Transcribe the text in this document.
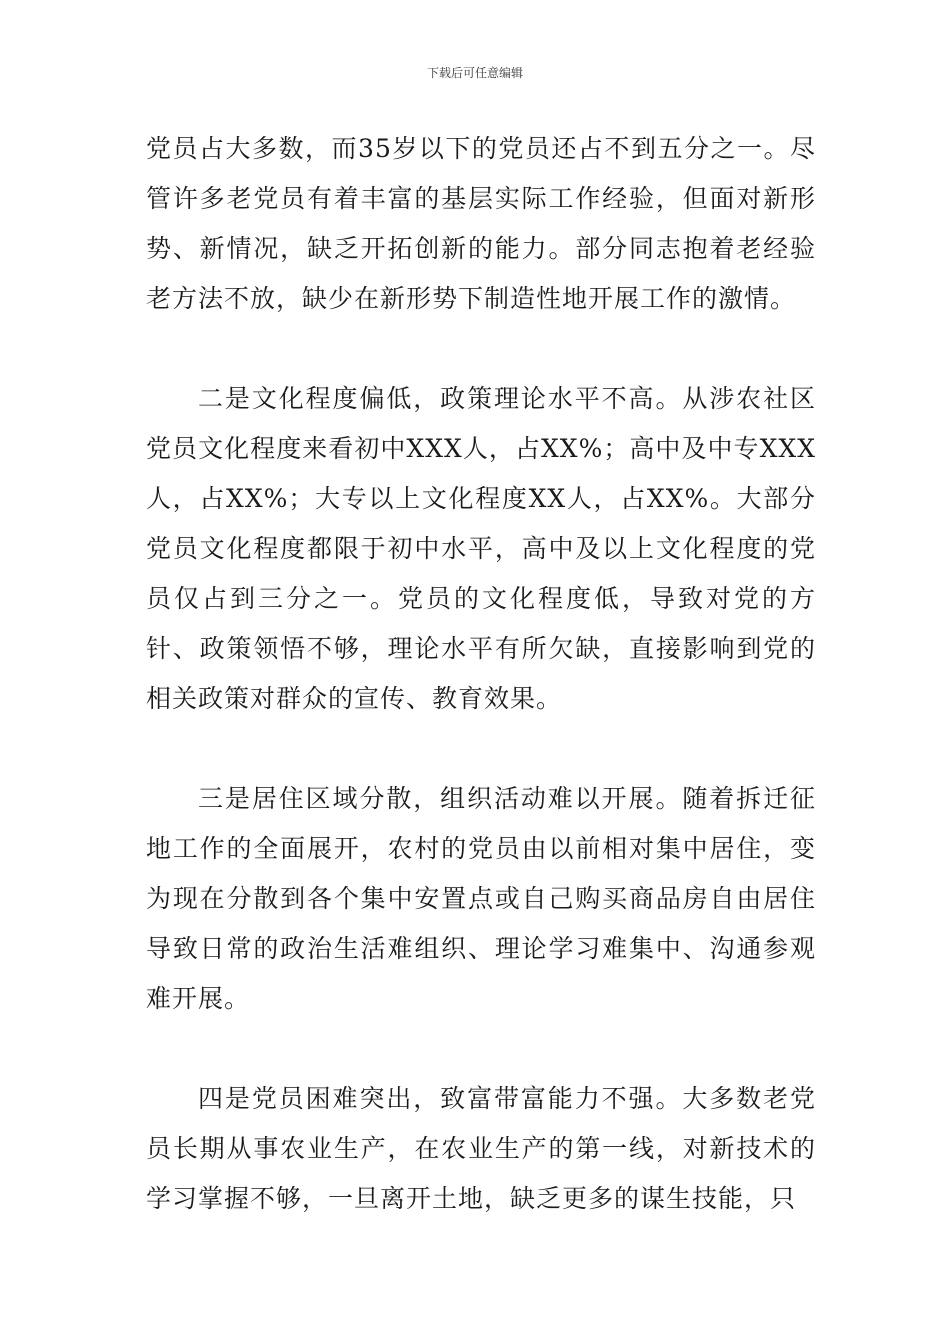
下载后可任意编辑

党员占大多数，而35岁以下的党员还占不到五分之一。尽管许多老党员有着丰富的基层实际工作经验，但面对新形势、新情况，缺乏开拓创新的能力。部分同志抱着老经验老方法不放，缺少在新形势下制造性地开展工作的激情。

二是文化程度偏低，政策理论水平不高。从涉农社区党员文化程度来看初中XXX人，占XX%；高中及中专XXX人，占XX%；大专以上文化程度XX人，占XX%。大部分党员文化程度都限于初中水平，高中及以上文化程度的党员仅占到三分之一。党员的文化程度低，导致对党的方针、政策领悟不够，理论水平有所欠缺，直接影响到党的相关政策对群众的宣传、教育效果。

三是居住区域分散，组织活动难以开展。随着拆迁征地工作的全面展开，农村的党员由以前相对集中居住，变为现在分散到各个集中安置点或自己购买商品房自由居住导致日常的政治生活难组织、理论学习难集中、沟通参观难开展。

四是党员困难突出，致富带富能力不强。大多数老党员长期从事农业生产，在农业生产的第一线，对新技术的学习掌握不够，一旦离开土地，缺乏更多的谋生技能，只
